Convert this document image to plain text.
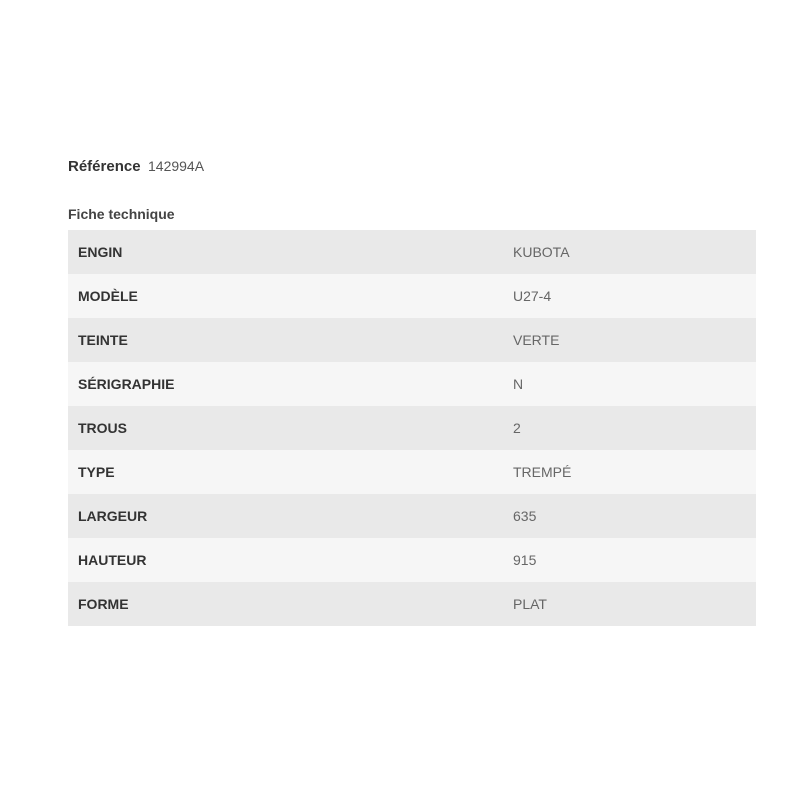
Référence 142994A
Fiche technique
ENGIN	KUBOTA
MODÈLE	U27-4
TEINTE	VERTE
SÉRIGRAPHIE	N
TROUS	2
TYPE	TREMPÉ
LARGEUR	635
HAUTEUR	915
FORME	PLAT
